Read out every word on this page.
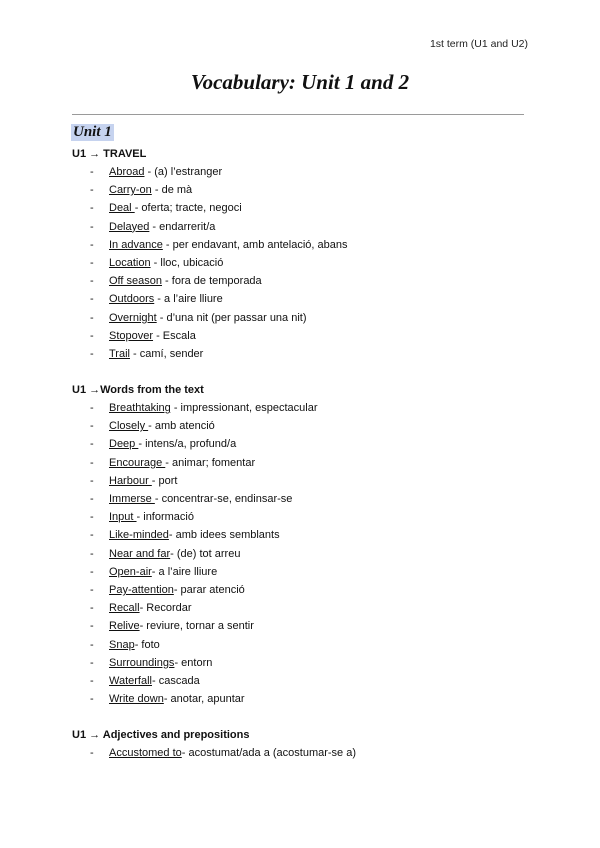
1st term (U1 and U2)
Vocabulary: Unit 1 and 2
Unit 1
U1 → TRAVEL
- Abroad - (a) l’estranger
- Carry-on - de mà
- Deal - oferta; tracte, negoci
- Delayed - endarrerit/a
- In advance - per endavant, amb antelació, abans
- Location - lloc, ubicació
- Off season - fora de temporada
- Outdoors - a l’aire lliure
- Overnight - d’una nit (per passar una nit)
- Stopover - Escala
- Trail - camí, sender
U1 →Words from the text
- Breathtaking - impressionant, espectacular
- Closely - amb atenció
- Deep - intens/a, profund/a
- Encourage - animar; fomentar
- Harbour - port
- Immerse - concentrar-se, endinsar-se
- Input - informació
- Like-minded- amb idees semblants
- Near and far- (de) tot arreu
- Open-air- a l’aire lliure
- Pay-attention- parar atenció
- Recall- Recordar
- Relive- reviure, tornar a sentir
- Snap- foto
- Surroundings- entorn
- Waterfall- cascada
- Write down- anotar, apuntar
U1 → Adjectives and prepositions
- Accustomed to- acostumat/ada a (acostumar-se a)
